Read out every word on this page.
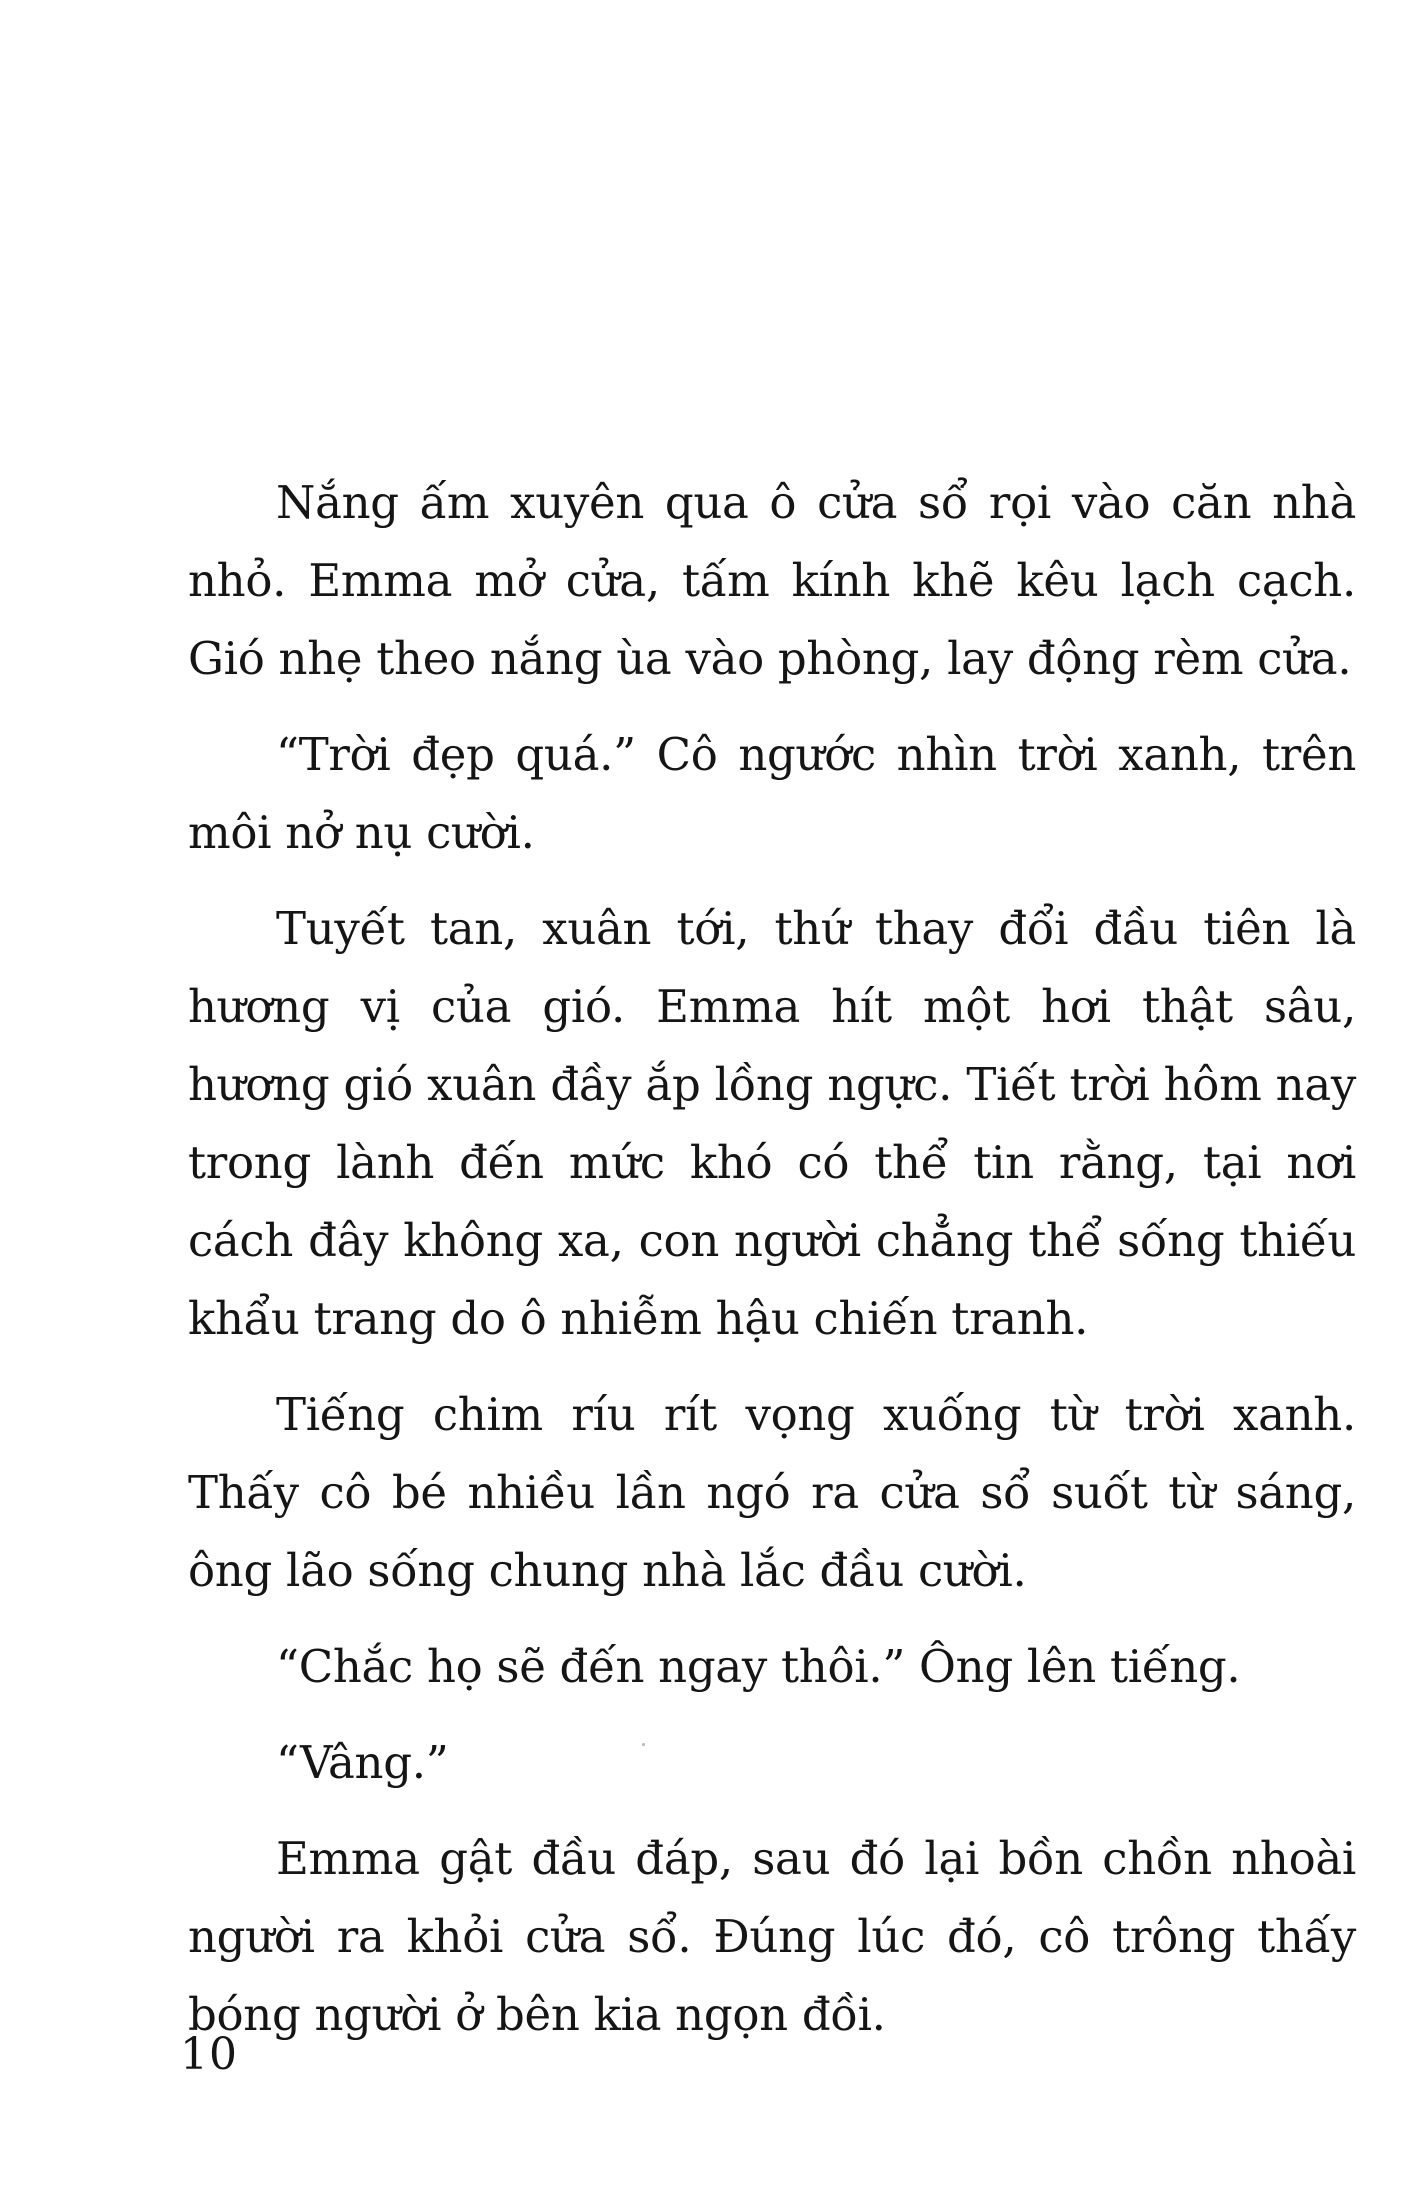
Nắng ấm xuyên qua ô cửa sổ rọi vào căn nhà nhỏ. Emma mở cửa, tấm kính khẽ kêu lạch cạch. Gió nhẹ theo nắng ùa vào phòng, lay động rèm cửa.

“Trời đẹp quá.” Cô ngước nhìn trời xanh, trên môi nở nụ cười.

Tuyết tan, xuân tới, thứ thay đổi đầu tiên là hương vị của gió. Emma hít một hơi thật sâu, hương gió xuân đầy ắp lồng ngực. Tiết trời hôm nay trong lành đến mức khó có thể tin rằng, tại nơi cách đây không xa, con người chẳng thể sống thiếu khẩu trang do ô nhiễm hậu chiến tranh.

Tiếng chim ríu rít vọng xuống từ trời xanh. Thấy cô bé nhiều lần ngó ra cửa sổ suốt từ sáng, ông lão sống chung nhà lắc đầu cười.

“Chắc họ sẽ đến ngay thôi.” Ông lên tiếng.

“Vâng.”

Emma gật đầu đáp, sau đó lại bồn chồn nhoài người ra khỏi cửa sổ. Đúng lúc đó, cô trông thấy bóng người ở bên kia ngọn đồi.

10
